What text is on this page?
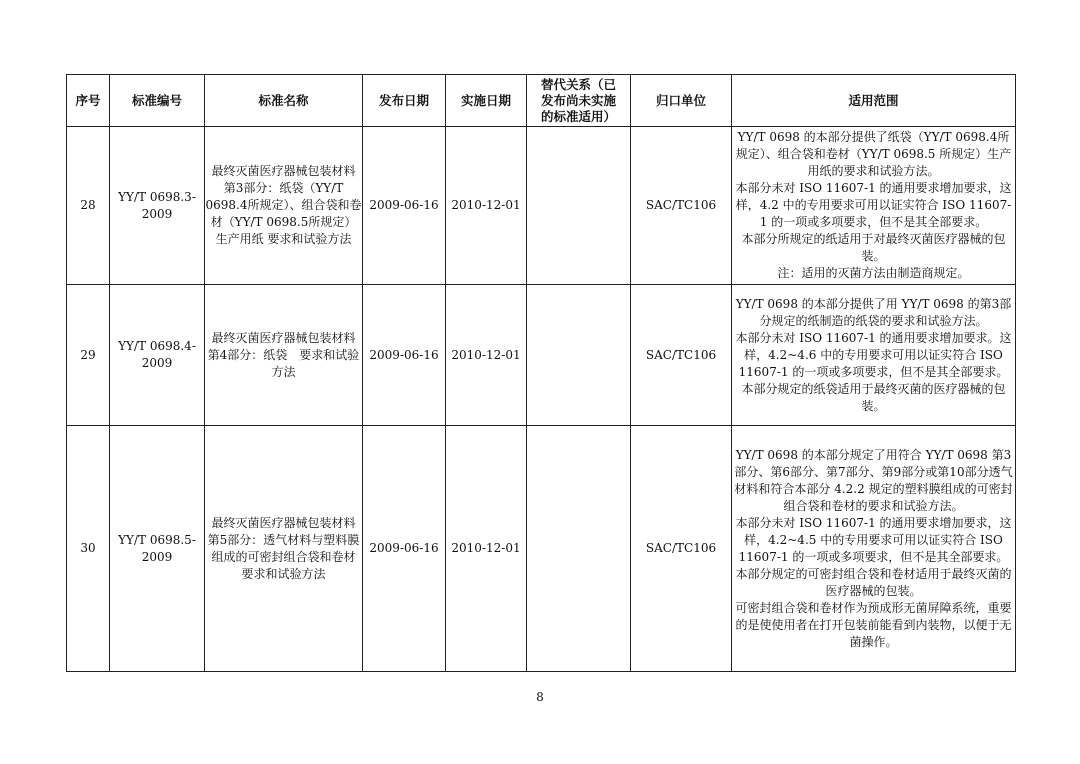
序号	标准编号	标准名称	发布日期	实施日期	替代关系（已发布尚未实施的标准适用）	归口单位	适用范围
28	YY/T 0698.3-2009	最终灭菌医疗器械包装材料　第3部分：纸袋（YY/T 0698.4所规定）、组合袋和卷材（YY/T 0698.5所规定）生产用纸 要求和试验方法	2009-06-16	2010-12-01		SAC/TC106	YY/T 0698 的本部分提供了纸袋（YY/T 0698.4所规定）、组合袋和卷材（YY/T 0698.5 所规定）生产用纸的要求和试验方法。

本部分未对 ISO 11607-1 的通用要求增加要求，这样，4.2 中的专用要求可用以证实符合 ISO 11607-1 的一项或多项要求，但不是其全部要求。

本部分所规定的纸适用于对最终灭菌医疗器械的包装。

注：适用的灭菌方法由制造商规定。

29	YY/T 0698.4-2009	最终灭菌医疗器械包装材料　第4部分：纸袋　要求和试验方法	2009-06-16	2010-12-01		SAC/TC106	YY/T 0698 的本部分提供了用 YY/T 0698 的第3部分规定的纸制造的纸袋的要求和试验方法。

本部分未对 ISO 11607-1 的通用要求增加要求。这样，4.2~4.6 中的专用要求可用以证实符合 ISO 11607-1 的一项或多项要求，但不是其全部要求。

本部分规定的纸袋适用于最终灭菌的医疗器械的包装。

30	YY/T 0698.5-2009	最终灭菌医疗器械包装材料　第5部分：透气材料与塑料膜组成的可密封组合袋和卷材 要求和试验方法	2009-06-16	2010-12-01		SAC/TC106	YY/T 0698 的本部分规定了用符合 YY/T 0698 第3部分、第6部分、第7部分、第9部分或第10部分透气材料和符合本部分 4.2.2 规定的塑料膜组成的可密封组合袋和卷材的要求和试验方法。

本部分未对 ISO 11607-1 的通用要求增加要求，这样，4.2~4.5 中的专用要求可用以证实符合 ISO 11607-1 的一项或多项要求，但不是其全部要求。

本部分规定的可密封组合袋和卷材适用于最终灭菌的医疗器械的包装。

可密封组合袋和卷材作为预成形无菌屏障系统，重要的是使使用者在打开包装前能看到内装物，以便于无菌操作。

8
